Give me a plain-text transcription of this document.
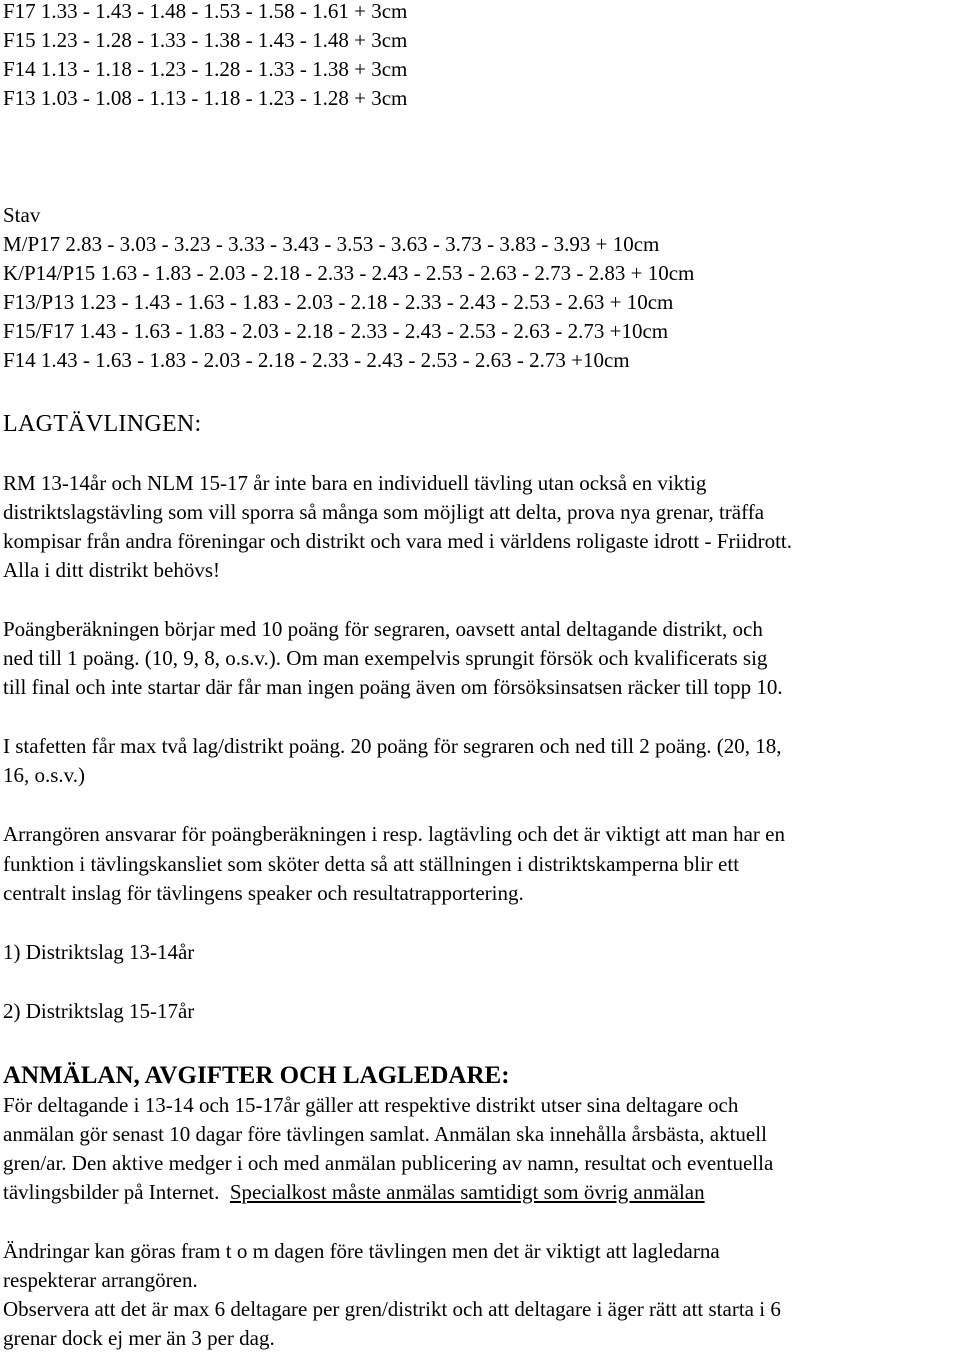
F17 1.33 - 1.43 - 1.48 - 1.53 - 1.58 - 1.61 + 3cm
F15 1.23 - 1.28 - 1.33 - 1.38 - 1.43 - 1.48 + 3cm
F14 1.13 - 1.18 - 1.23 - 1.28 - 1.33 - 1.38 + 3cm
F13 1.03 - 1.08 - 1.13 - 1.18 - 1.23 - 1.28 + 3cm
Stav
M/P17 2.83 - 3.03 - 3.23 - 3.33 - 3.43 - 3.53 - 3.63 - 3.73 - 3.83 - 3.93 + 10cm
K/P14/P15 1.63 - 1.83 - 2.03 - 2.18 - 2.33 - 2.43 - 2.53 - 2.63 - 2.73 - 2.83 + 10cm
F13/P13 1.23 - 1.43 - 1.63 - 1.83 - 2.03 - 2.18 - 2.33 - 2.43 - 2.53 - 2.63 + 10cm
F15/F17 1.43 - 1.63 - 1.83 - 2.03 - 2.18 - 2.33 - 2.43 - 2.53 - 2.63 - 2.73 +10cm
F14 1.43 - 1.63 - 1.83 - 2.03 - 2.18 - 2.33 - 2.43 - 2.53 - 2.63 - 2.73 +10cm
LAGTÄVLINGEN:
RM 13-14år och NLM 15-17 år inte bara en individuell tävling utan också en viktig
distriktslagstävling som vill sporra så många som möjligt att delta, prova nya grenar, träffa
kompisar från andra föreningar och distrikt och vara med i världens roligaste idrott - Friidrott.
Alla i ditt distrikt behövs!
Poängberäkningen börjar med 10 poäng för segraren, oavsett antal deltagande distrikt, och
ned till 1 poäng. (10, 9, 8, o.s.v.). Om man exempelvis sprungit försök och kvalificerats sig
till final och inte startar där får man ingen poäng även om försöksinsatsen räcker till topp 10.
I stafetten får max två lag/distrikt poäng. 20 poäng för segraren och ned till 2 poäng. (20, 18,
16, o.s.v.)
Arrangören ansvarar för poängberäkningen i resp. lagtävling och det är viktigt att man har en
funktion i tävlingskansliet som sköter detta så att ställningen i distriktskamperna blir ett
centralt inslag för tävlingens speaker och resultatrapportering.
1) Distriktslag 13-14år
2) Distriktslag 15-17år
ANMÄLAN, AVGIFTER OCH LAGLEDARE:
För deltagande i 13-14 och 15-17år gäller att respektive distrikt utser sina deltagare och
anmälan gör senast 10 dagar före tävlingen samlat. Anmälan ska innehålla årsbästa, aktuell
gren/ar. Den aktive medger i och med anmälan publicering av namn, resultat och eventuella
tävlingsbilder på Internet.  Specialkost måste anmälas samtidigt som övrig anmälan
Ändringar kan göras fram t o m dagen före tävlingen men det är viktigt att lagledarna
respekterar arrangören.
Observera att det är max 6 deltagare per gren/distrikt och att deltagare i äger rätt att starta i 6
grenar dock ej mer än 3 per dag.
